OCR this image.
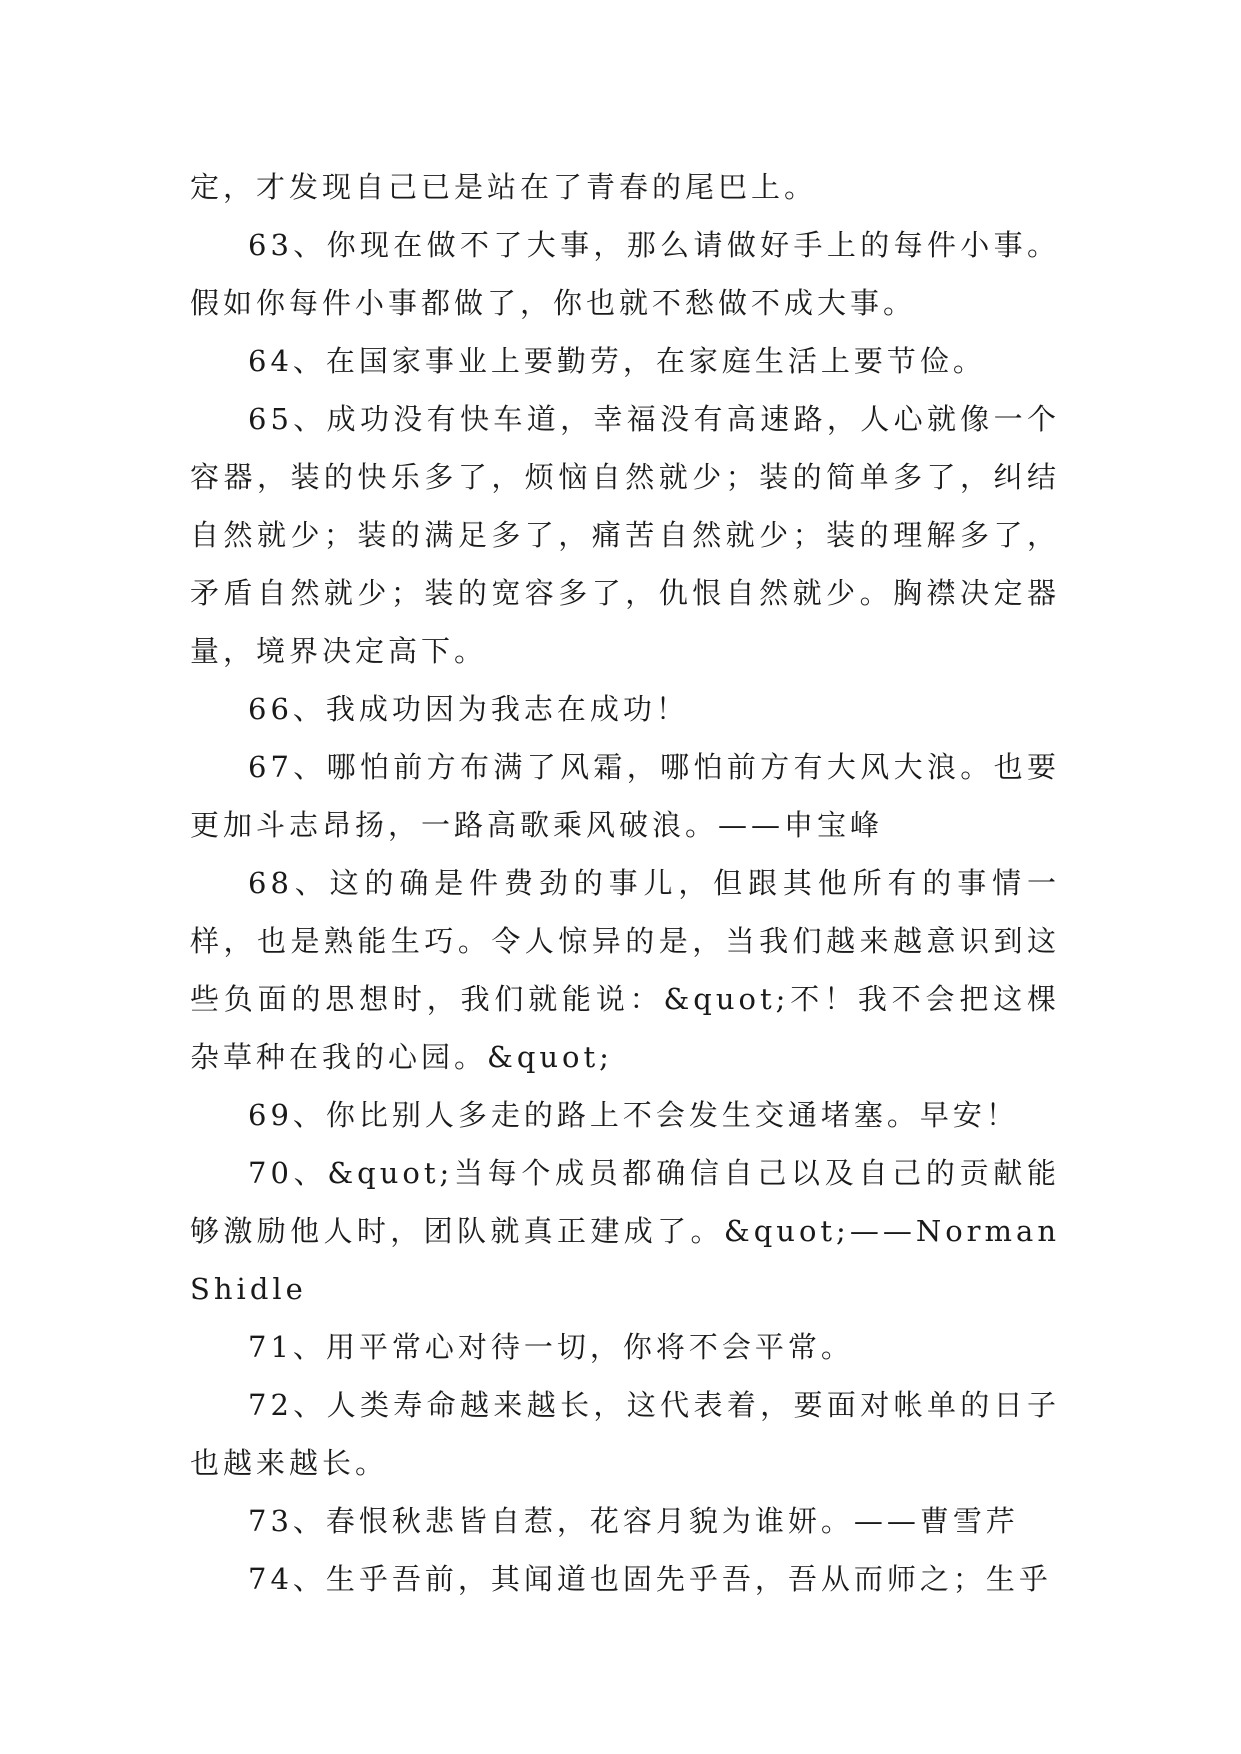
定，才发现自己已是站在了青春的尾巴上。

63、你现在做不了大事，那么请做好手上的每件小事。假如你每件小事都做了，你也就不愁做不成大事。

64、在国家事业上要勤劳，在家庭生活上要节俭。

65、成功没有快车道，幸福没有高速路，人心就像一个容器，装的快乐多了，烦恼自然就少；装的简单多了，纠结自然就少；装的满足多了，痛苦自然就少；装的理解多了，矛盾自然就少；装的宽容多了，仇恨自然就少。胸襟决定器量，境界决定高下。

66、我成功因为我志在成功！

67、哪怕前方布满了风霜，哪怕前方有大风大浪。也要更加斗志昂扬，一路高歌乘风破浪。——申宝峰

68、这的确是件费劲的事儿，但跟其他所有的事情一样，也是熟能生巧。令人惊异的是，当我们越来越意识到这些负面的思想时，我们就能说：&quot;不！我不会把这棵杂草种在我的心园。&quot;

69、你比别人多走的路上不会发生交通堵塞。早安！

70、&quot;当每个成员都确信自己以及自己的贡献能够激励他人时，团队就真正建成了。&quot;——Norman Shidle

71、用平常心对待一切，你将不会平常。

72、人类寿命越来越长，这代表着，要面对帐单的日子也越来越长。

73、春恨秋悲皆自惹，花容月貌为谁妍。——曹雪芹

74、生乎吾前，其闻道也固先乎吾，吾从而师之；生乎
